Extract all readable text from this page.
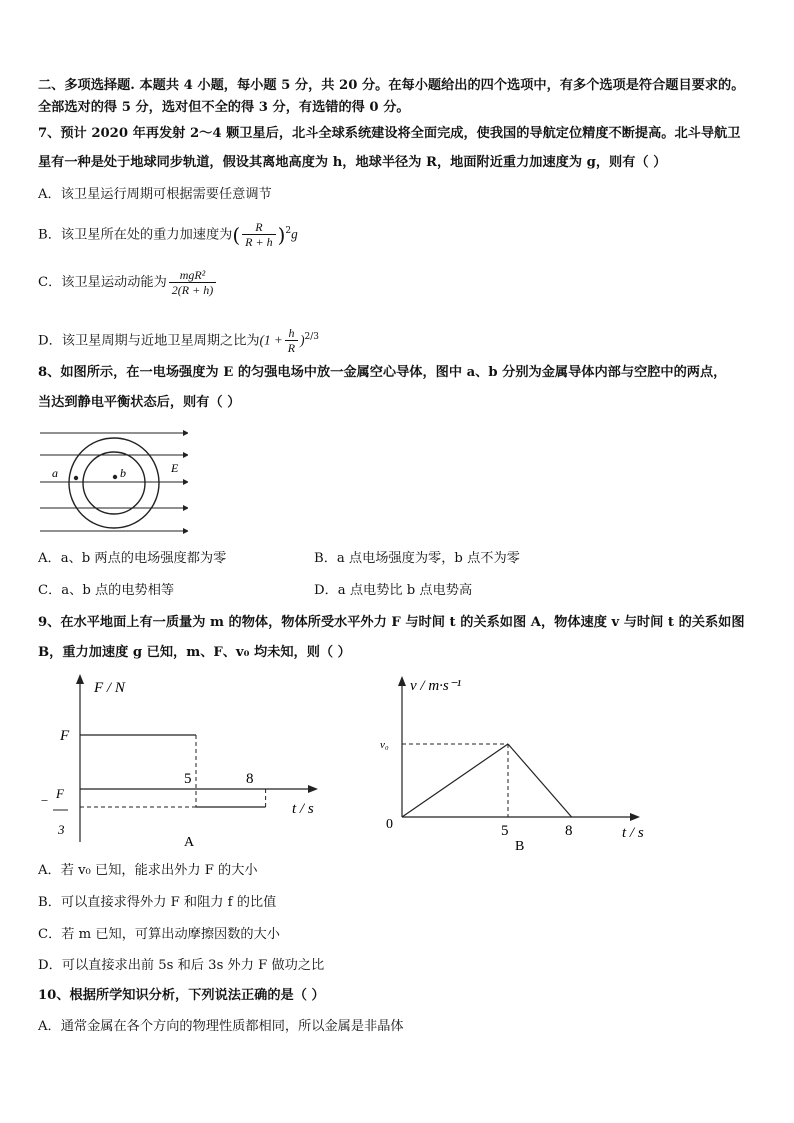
二、多项选择题. 本题共 4 小题，每小题 5 分，共 20 分。在每小题给出的四个选项中，有多个选项是符合题目要求的。
全部选对的得 5 分，选对但不全的得 3 分，有选错的得 0 分。
7、预计 2020 年再发射 2～4 颗卫星后，北斗全球系统建设将全面完成，使我国的导航定位精度不断提高。北斗导航卫
星有一种是处于地球同步轨道，假设其离地高度为 h，地球半径为 R，地面附近重力加速度为 g，则有（ ）
A．该卫星运行周期可根据需要任意调节
B．该卫星所在处的重力加速度为( $\frac{R}{R + h} )^2g$
C．该卫星运动动能为 $\frac{\text{mgR²}}{2(R + h)}$
D．该卫星周期与近地卫星周期之比为$(1 + \frac{h}{R} )^{2/3}$
8、如图所示，在一电场强度为 E 的匀强电场中放一金属空心导体，图中 a、b 分别为金属导体内部与空腔中的两点，
当达到静电平衡状态后，则有（ ）
a	b	E
A．a、b 两点的电场强度都为零	B．a 点电场强度为零，b 点不为零
C．a、b 点的电势相等	D．a 点电势比 b 点电势高
9、在水平地面上有一质量为 m 的物体，物体所受水平外力 F 与时间 t 的关系如图 A，物体速度 v 与时间 t 的关系如图
B，重力加速度 g 已知，m、F、v₀ 均未知，则（ ）
F / N
t / s
F
− F 3
5	8
A
v / m·s⁻¹
t / s
v₀
0	5	8
B
A．若 v₀ 已知，能求出外力 F 的大小
B．可以直接求得外力 F 和阻力 f 的比值
C．若 m 已知，可算出动摩擦因数的大小
D．可以直接求出前 5s 和后 3s 外力 F 做功之比
10、根据所学知识分析，下列说法正确的是（ ）
A．通常金属在各个方向的物理性质都相同，所以金属是非晶体
